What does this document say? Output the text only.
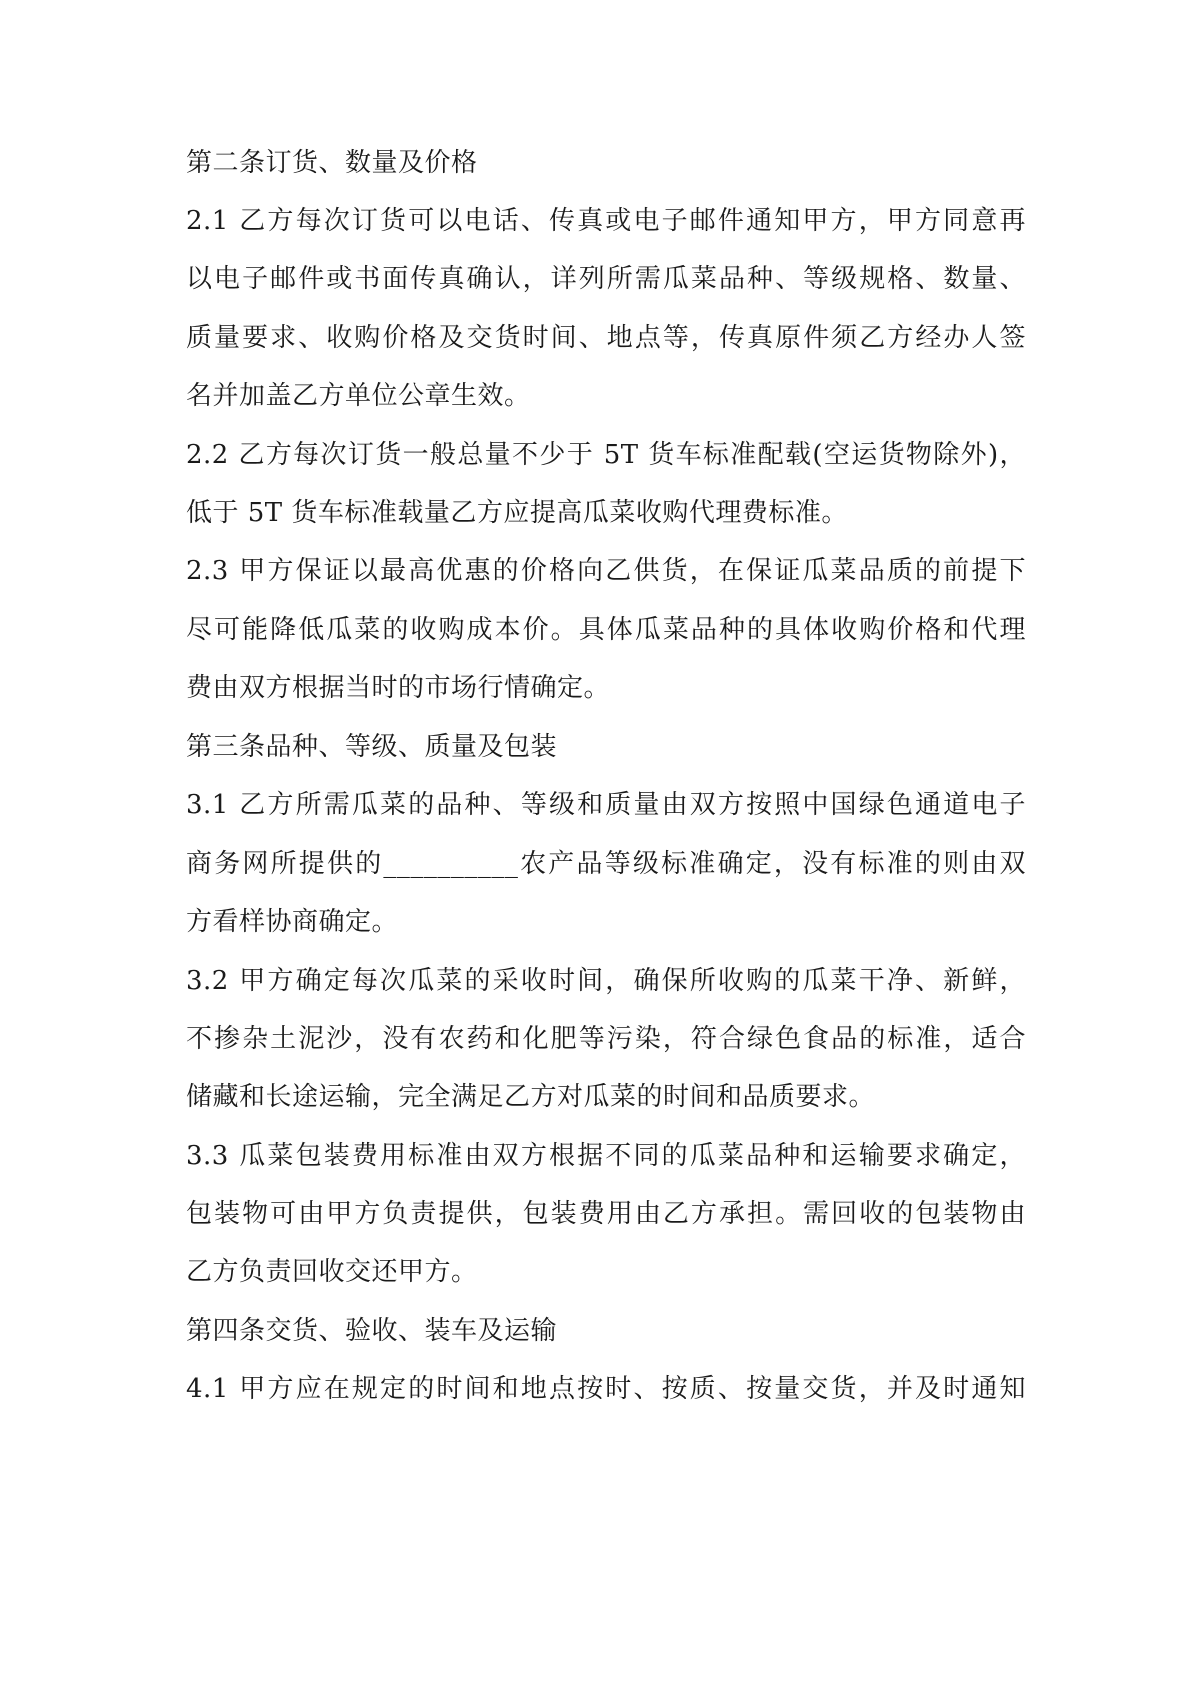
第二条订货、数量及价格
2.1 乙方每次订货可以电话、传真或电子邮件通知甲方，甲方同意再
以电子邮件或书面传真确认，详列所需瓜菜品种、等级规格、数量、
质量要求、收购价格及交货时间、地点等，传真原件须乙方经办人签
名并加盖乙方单位公章生效。
2.2 乙方每次订货一般总量不少于 5T 货车标准配载(空运货物除外)，
低于 5T 货车标准载量乙方应提高瓜菜收购代理费标准。
2.3 甲方保证以最高优惠的价格向乙供货，在保证瓜菜品质的前提下
尽可能降低瓜菜的收购成本价。具体瓜菜品种的具体收购价格和代理
费由双方根据当时的市场行情确定。
第三条品种、等级、质量及包装
3.1 乙方所需瓜菜的品种、等级和质量由双方按照中国绿色通道电子
商务网所提供的__________农产品等级标准确定，没有标准的则由双
方看样协商确定。
3.2 甲方确定每次瓜菜的采收时间，确保所收购的瓜菜干净、新鲜，
不掺杂土泥沙，没有农药和化肥等污染，符合绿色食品的标准，适合
储藏和长途运输，完全满足乙方对瓜菜的时间和品质要求。
3.3 瓜菜包装费用标准由双方根据不同的瓜菜品种和运输要求确定，
包装物可由甲方负责提供，包装费用由乙方承担。需回收的包装物由
乙方负责回收交还甲方。
第四条交货、验收、装车及运输
4.1 甲方应在规定的时间和地点按时、按质、按量交货，并及时通知
